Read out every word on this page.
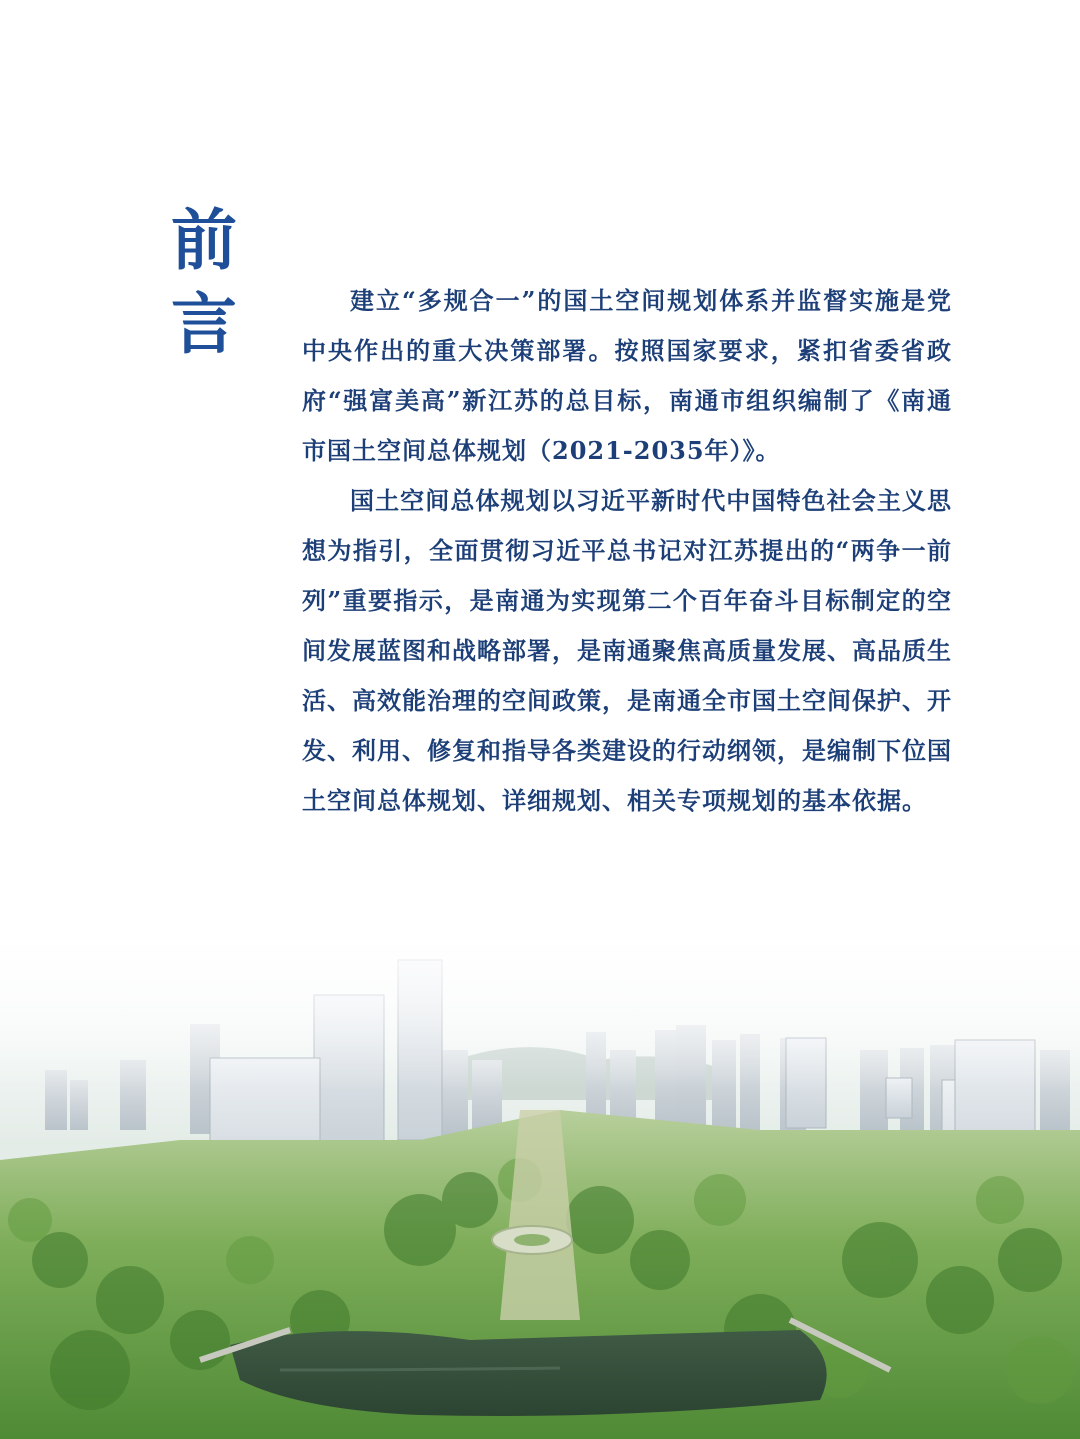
前
言	建立“多规合一”的国土空间规划体系并监督实施是党中央作出的重大决策部署。按照国家要求，紧扣省委省政府“强富美高”新江苏的总目标，南通市组织编制了《南通市国土空间总体规划（2021-2035年）》。

国土空间总体规划以习近平新时代中国特色社会主义思想为指引，全面贯彻习近平总书记对江苏提出的“两争一前列”重要指示，是南通为实现第二个百年奋斗目标制定的空间发展蓝图和战略部署，是南通聚焦高质量发展、高品质生活、高效能治理的空间政策，是南通全市国土空间保护、开发、利用、修复和指导各类建设的行动纲领，是编制下位国土空间总体规划、详细规划、相关专项规划的基本依据。
